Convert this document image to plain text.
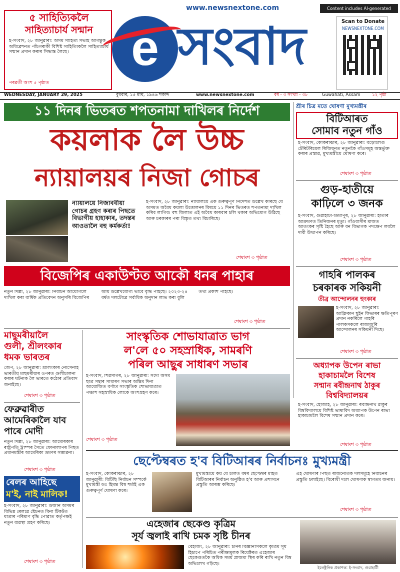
৫ সাহিত্যিকলৈ
সাহিত্যাচাৰ্য সন্মান
ই-সংবাদ, ২৮ জানুৱাৰী: অসম সাহিত্য সভাই আগন্তুক অধিৱেশনত পাঁচগৰাকী বিশিষ্ট সাহিত্যিকলৈ সাহিত্যাচাৰ্য সন্মান প্ৰদান কৰাৰ সিদ্ধান্ত লৈছে।
পৰৱৰ্তী অংশ ৫ পৃষ্ঠাত
www.newsnextone.com
e সংবাদ
Content includes AI-generated
Scan to Donate
NEWSNEXTONE.COM
WEDNESDAY, JANUARY 29, 2025	বুধবাৰ, ১৫ মাঘ, ১৯৪৬ শকাব্দ	www.newsnextone.com	বৰ্ষ - ৩ সংখ্যা - ৩৮	Guwahati, Assam	১২ পৃষ্ঠা
১১ দিনৰ ভিতৰত শপতনামা দাখিলৰ নিৰ্দেশ
কয়লাক লৈ উচ্চ
ন্যায়ালয়ৰ নিজা গোচৰ
ন্যায়ালয়ে নিজাববীয়া গোচৰ গ্ৰহণ কৰাৰ পিছতে বিভাগীয় হাহাকাৰ, তদন্তৰ আওতালৈ বহু কৰ্মকৰ্তা!
ই-সংবাদ, ২৮ জানুৱাৰী: ন্যায়ালয়ে এক গুৰুত্বপূৰ্ণ নিৰ্দেশত উল্লেখ কৰিছে যে অসমত অবৈধ কয়লা উত্তোলনৰ বিষয়ে ১১ দিনৰ ভিতৰত শপতনামা দাখিল কৰিব লাগিব। বহু জিলাত এই অবৈধ কাৰবাৰ চলি থকাৰ অভিযোগ উঠিছে আৰু চৰকাৰৰ পৰা বিস্তৃত তথ্য বিচাৰিছে।
শেষাংশ ৩ পৃষ্ঠাত
শ্ৰীৰ চিত্ৰ মতে ঘোষণা মুখ্যমন্ত্ৰীৰ
বিটিআৰত
সোমাব নতুন গাঁও
ই-সংবাদ, কোকৰাঝাৰ, ২৮ জানুৱাৰী: বড়োলেণ্ড টেৰিটৰিয়েল ৰিজিয়নত নতুনকৈ গাঁওসমূহ অন্তৰ্ভুক্ত কৰাৰ প্ৰস্তাৱ, মুখ্যমন্ত্ৰীয়ে ঘোষণা কৰে।
শেষাংশ ৩ পৃষ্ঠাত
গুড়-হাতীয়ে
কাঢ়িলে ৩ জনক
ই-সংবাদ, গুৱাহাটী-ডিমাপুৰ, ২৮ জানুৱাৰী: হাতীৰ আক্ৰমণত তিনিজনৰ মৃত্যু। গাঁওবাসীৰ মাজত আতংকৰ সৃষ্টি হৈছে আৰু বন বিভাগক পদক্ষেপ লবলৈ দাবী উত্থাপন কৰিছে।
শেষাংশ ৩ পৃষ্ঠাত
গাহৰি পালকৰ
চৰকাৰক সকিয়নী
তীব্ৰ আন্দোলনৰ হুংকাৰ
ই-সংবাদ, ২৮ জানুৱাৰী: আফ্ৰিকান ছুইন ফিভাৰৰ ক্ষতিপূৰণ প্ৰদান নকৰিলে গাহৰি পালকসকলে ৰাজ্যজুৰি আন্দোলনৰ সকিয়নী দিছে।
শেষাংশ ৩ পৃষ্ঠাত
বিজেপিৰ একাউণ্টত আকৌ ধনৰ পাহাৰ
নতুন দিল্লী, ২৮ জানুৱাৰী: নিৰ্বাচন আয়োগলৈ দাখিল কৰা বাৰ্ষিক প্ৰতিবেদন অনুসৰি বিজেপিৰ আয় উল্লেখযোগ্য ভাবে বৃদ্ধি পাইছে। ২০২৩-২৪ বৰ্ষত দলটোৱে সৰ্বাধিক অনুদান লাভ কৰা বুলি তথ্য প্ৰকাশ পাইছে।
শেষাংশ ৩ পৃষ্ঠাত
মাছুমৰীয়ালৈ
গুলী, শ্ৰীলংকাৰ
ধমক ভাৰতৰ
জেপ, ২৮ জানুৱাৰী: শ্ৰীলংকাৰ নৌসেনাই ভাৰতীয় মাছমৰীয়াৰ ওপৰত গুলীচালনা কৰাৰ ঘটনাক লৈ ভাৰতে কঠোৰ প্ৰতিবাদ জনাইছে।
শেষাংশ ৩ পৃষ্ঠাত
ফেব্ৰুৱাৰীত
আমেৰিকালৈ যাব
পাৰে মোদী
নতুন দিল্লী, ২৮ জানুৱাৰী: আমেৰিকাৰ ৰাষ্ট্ৰপতি ট্ৰাম্পৰ সৈতে ফোনালাপৰ পিছত প্ৰধানমন্ত্ৰীৰ আমেৰিকা ভ্ৰমণৰ সম্ভাৱনা।
শেষাংশ ৩ পৃষ্ঠাত
ৰেলৰ আহিছে
ম'ই, নাই মালিক!
ই-সংবাদ, ২৮ জানুৱাৰী: উজনি অসমৰ বিভিন্ন ৰেলৱে ষ্টেচনত বিনা টিকটত যাত্ৰাৰ পৰিমাণ বৃদ্ধি পোৱাত কৰ্তৃপক্ষই নতুন ব্যৱস্থা গ্ৰহণ কৰিছে।
শেষাংশ ৩ পৃষ্ঠাত
সাংস্কৃতিক শোভাযাত্ৰাত ভাগ
ল'লে ৫০ সহস্ৰাধিক, সামৰণি
পৰিল আছুৰ সাধাৰণ সভাৰ
ই-সংবাদ, শিৱসাগৰ, ২৮ জানুৱাৰী: সদৌ অসম ছাত্ৰ সন্থাৰ সাধাৰণ সভাৰ অন্তিম দিনা আয়োজিত বৰ্ণাঢ্য সাংস্কৃতিক শোভাযাত্ৰাত পঞ্চাশ সহস্ৰাধিক লোকে অংশগ্ৰহণ কৰে।
শেষাংশ ৩ পৃষ্ঠাত
অধ্যাপক উপেন ৰাভা
হাকাচামলৈ বিশেষ
সন্মান ৰবীন্দ্ৰনাথ ঠাকুৰ
বিশ্ববিদ্যালয়ৰ
ই-সংবাদ, হোজাই, ২৮ জানুৱাৰী: ৰবীন্দ্ৰনাথ ঠাকুৰ বিশ্ববিদ্যালয়ে বিশিষ্ট ভাষাবিদ অধ্যাপক উপেন ৰাভা হাকাচামলৈ বিশেষ সন্মান প্ৰদান কৰে।
শেষাংশ ৩ পৃষ্ঠাত
ছেপ্টেম্বৰত হ'ব বিটিআৰৰ নিৰ্বাচনঃ মুখ্যমন্ত্ৰী
ই-সংবাদ, কোকৰাঝাৰ, ২৮ জানুৱাৰী: বিটিছি নিৰ্বাচন সম্পৰ্কে মুখ্যমন্ত্ৰী ডঃ হিমন্ত বিশ্ব শৰ্মাই এক গুৰুত্বপূৰ্ণ ঘোষণা কৰে।
মুখ্যমন্ত্ৰীয়ে কয় যে চলিত বৰ্ষৰ ছেপ্টেম্বৰ মাহত বিটিআৰৰ নিৰ্বাচন অনুষ্ঠিত হ'ব আৰু প্ৰশাসনে প্ৰস্তুতি আৰম্ভ কৰিছে।
এই ঘোষণাৰ পিছত ৰাজনৈতিক দলসমূহে নিৰ্বাচনৰ প্ৰস্তুতি চলাইছে। বিৰোধী দলে ঘোষণাক স্বাগতম জনায়।
শেষাংশ ৩ পৃষ্ঠাত
এহেজাৰ ছেকেণ্ড কৃত্ৰিম
সূৰ্য জ্বলাই ৰাখি চমক সৃষ্টি চীনৰ
বেইজিং, ২৮ জানুৱাৰী: চীনৰ বিজ্ঞানীসকলে কৃত্ৰিম সূৰ্য হিচাপে পৰিচিত পৰীক্ষামূলক ৰিয়েক্টৰত এহেজাৰ ছেকেণ্ডতকৈ অধিক সময় প্লাজমা স্থিৰ কৰি ৰাখি নতুন বিশ্ব অভিলেখ গঢ়িছে।
ইলেক্ট্ৰনিক প্ৰকাশক: ই-সংবাদ, গুৱাহাটী
